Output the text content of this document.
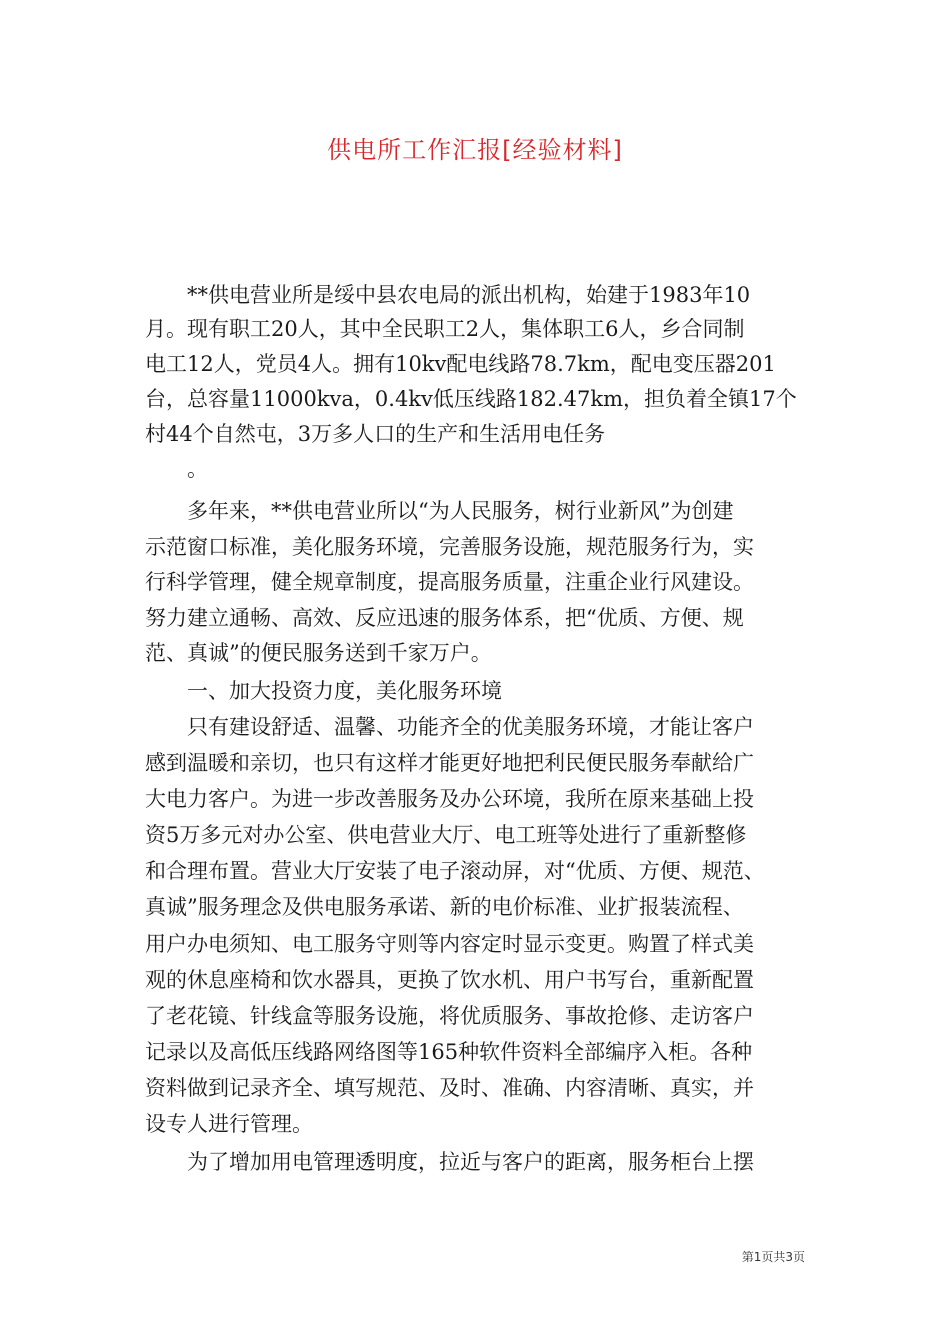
供电所工作汇报[经验材料]
　　**供电营业所是绥中县农电局的派出机构，始建于1983年10
月。现有职工20人，其中全民职工2人，集体职工6人，乡合同制
电工12人，党员4人。拥有10kv配电线路78.7km，配电变压器201
台，总容量11000kva，0.4kv低压线路182.47km，担负着全镇17个
村44个自然屯，3万多人口的生产和生活用电任务
　　。
　　多年来，**供电营业所以“为人民服务，树行业新风”为创建
示范窗口标准，美化服务环境，完善服务设施，规范服务行为，实
行科学管理，健全规章制度，提高服务质量，注重企业行风建设。
努力建立通畅、高效、反应迅速的服务体系，把“优质、方便、规
范、真诚”的便民服务送到千家万户。
　　一、加大投资力度，美化服务环境
　　只有建设舒适、温馨、功能齐全的优美服务环境，才能让客户
感到温暖和亲切，也只有这样才能更好地把利民便民服务奉献给广
大电力客户。为进一步改善服务及办公环境，我所在原来基础上投
资5万多元对办公室、供电营业大厅、电工班等处进行了重新整修
和合理布置。营业大厅安装了电子滚动屏，对“优质、方便、规范、
真诚”服务理念及供电服务承诺、新的电价标准、业扩报装流程、
用户办电须知、电工服务守则等内容定时显示变更。购置了样式美
观的休息座椅和饮水器具，更换了饮水机、用户书写台，重新配置
了老花镜、针线盒等服务设施，将优质服务、事故抢修、走访客户
记录以及高低压线路网络图等165种软件资料全部编序入柜。各种
资料做到记录齐全、填写规范、及时、准确、内容清晰、真实，并
设专人进行管理。
　　为了增加用电管理透明度，拉近与客户的距离，服务柜台上摆
第1页共3页
